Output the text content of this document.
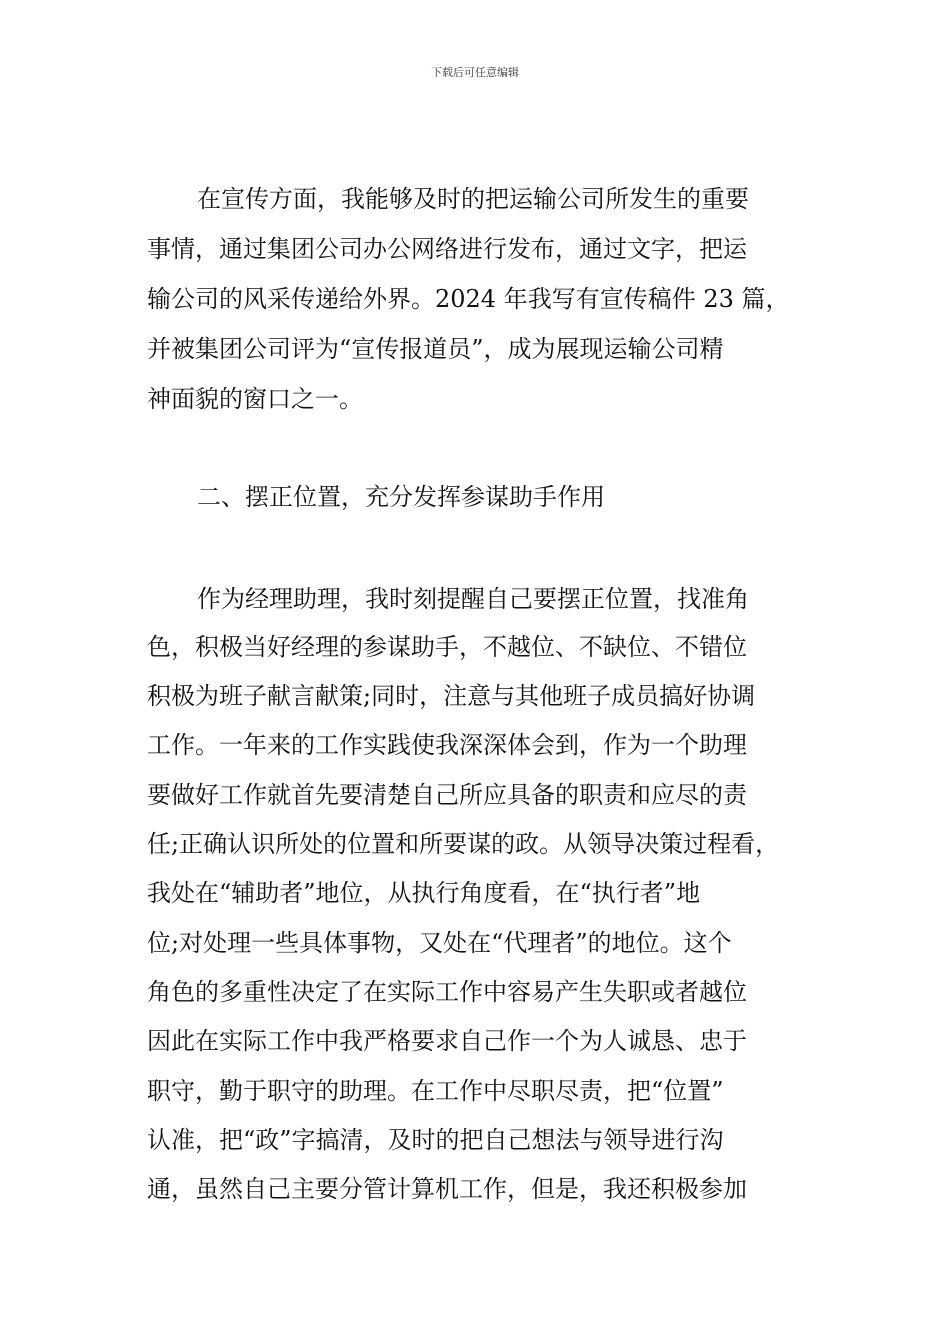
下载后可任意编辑
在宣传方面，我能够及时的把运输公司所发生的重要
事情，通过集团公司办公网络进行发布，通过文字，把运
输公司的风采传递给外界。2024 年我写有宣传稿件 23 篇，
并被集团公司评为“宣传报道员”，成为展现运输公司精
神面貌的窗口之一。
二、摆正位置，充分发挥参谋助手作用
作为经理助理，我时刻提醒自己要摆正位置，找准角
色，积极当好经理的参谋助手，不越位、不缺位、不错位
积极为班子献言献策;同时，注意与其他班子成员搞好协调
工作。一年来的工作实践使我深深体会到，作为一个助理
要做好工作就首先要清楚自己所应具备的职责和应尽的责
任;正确认识所处的位置和所要谋的政。从领导决策过程看，
我处在“辅助者”地位，从执行角度看，在“执行者”地
位;对处理一些具体事物，又处在“代理者”的地位。这个
角色的多重性决定了在实际工作中容易产生失职或者越位
因此在实际工作中我严格要求自己作一个为人诚恳、忠于
职守，勤于职守的助理。在工作中尽职尽责，把“位置”
认准，把“政”字搞清，及时的把自己想法与领导进行沟
通，虽然自己主要分管计算机工作，但是，我还积极参加
